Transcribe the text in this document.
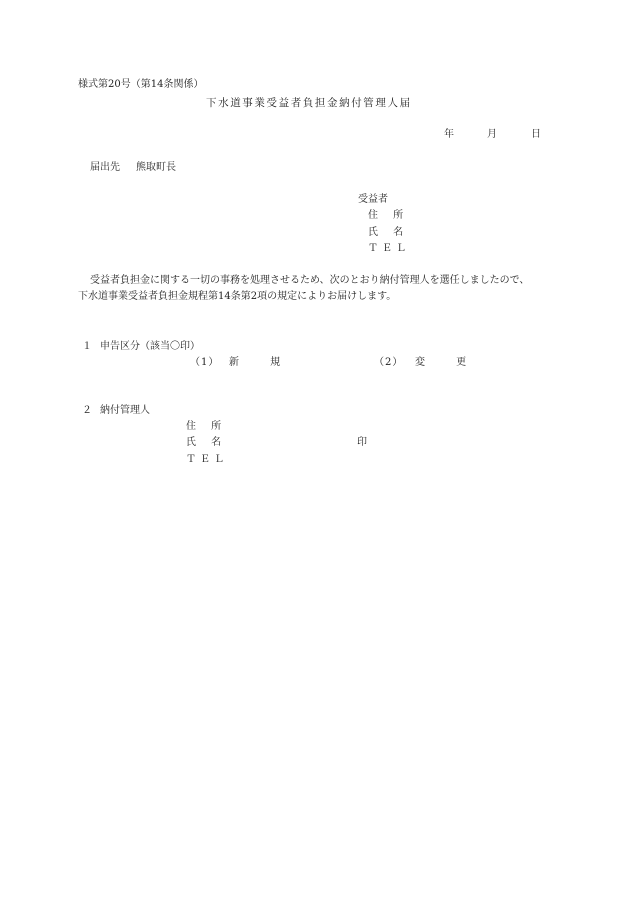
様式第20号（第14条関係）
下水道事業受益者負担金納付管理人届
年	月	日
届出先 熊取町長
受益者
住 所
氏 名
ＴＥＬ
受益者負担金に関する一切の事務を処理させるため、次のとおり納付管理人を選任しましたので、
下水道事業受益者負担金規程第14条第2項の規定によりお届けします。
１ 申告区分（該当〇印）
（1） 新 規	（2） 変 更
２ 納付管理人
住 所
氏 名	印
ＴＥＬ
